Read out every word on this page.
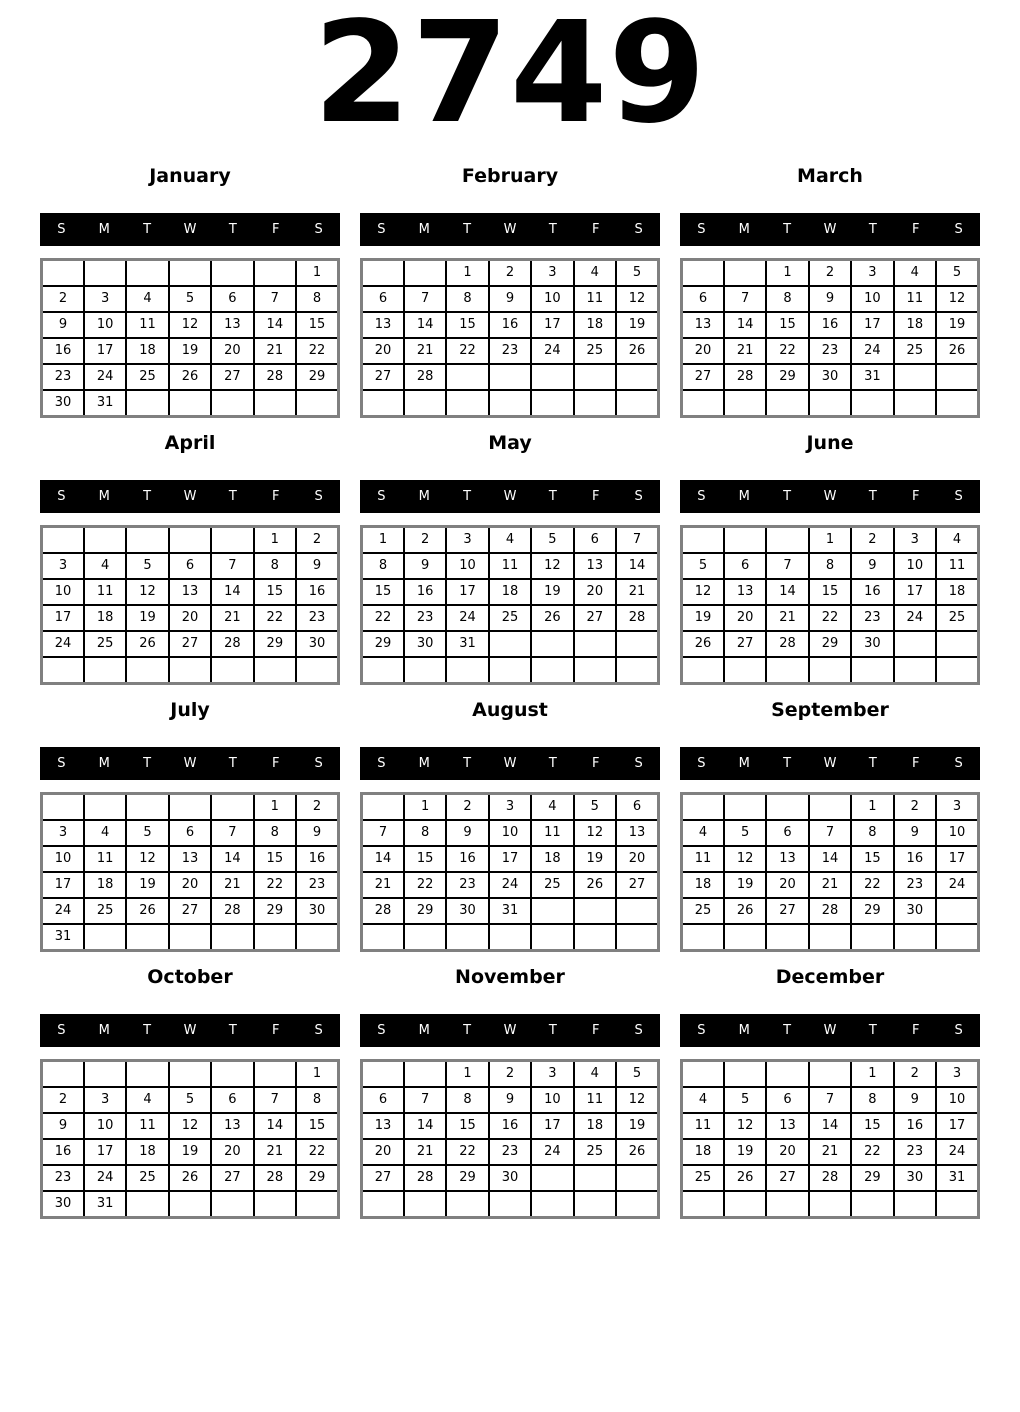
2749
January
S	M	T	W	T	F	S
						1
2	3	4	5	6	7	8
9	10	11	12	13	14	15
16	17	18	19	20	21	22
23	24	25	26	27	28	29
30	31					
February
S	M	T	W	T	F	S
		1	2	3	4	5
6	7	8	9	10	11	12
13	14	15	16	17	18	19
20	21	22	23	24	25	26
27	28					

March
S	M	T	W	T	F	S
		1	2	3	4	5
6	7	8	9	10	11	12
13	14	15	16	17	18	19
20	21	22	23	24	25	26
27	28	29	30	31		

April
S	M	T	W	T	F	S
					1	2
3	4	5	6	7	8	9
10	11	12	13	14	15	16
17	18	19	20	21	22	23
24	25	26	27	28	29	30

May
S	M	T	W	T	F	S
1	2	3	4	5	6	7
8	9	10	11	12	13	14
15	16	17	18	19	20	21
22	23	24	25	26	27	28
29	30	31				

June
S	M	T	W	T	F	S
			1	2	3	4
5	6	7	8	9	10	11
12	13	14	15	16	17	18
19	20	21	22	23	24	25
26	27	28	29	30		

July
S	M	T	W	T	F	S
					1	2
3	4	5	6	7	8	9
10	11	12	13	14	15	16
17	18	19	20	21	22	23
24	25	26	27	28	29	30
31						
August
S	M	T	W	T	F	S
	1	2	3	4	5	6
7	8	9	10	11	12	13
14	15	16	17	18	19	20
21	22	23	24	25	26	27
28	29	30	31			

September
S	M	T	W	T	F	S
				1	2	3
4	5	6	7	8	9	10
11	12	13	14	15	16	17
18	19	20	21	22	23	24
25	26	27	28	29	30	

October
S	M	T	W	T	F	S
						1
2	3	4	5	6	7	8
9	10	11	12	13	14	15
16	17	18	19	20	21	22
23	24	25	26	27	28	29
30	31					
November
S	M	T	W	T	F	S
		1	2	3	4	5
6	7	8	9	10	11	12
13	14	15	16	17	18	19
20	21	22	23	24	25	26
27	28	29	30			

December
S	M	T	W	T	F	S
				1	2	3
4	5	6	7	8	9	10
11	12	13	14	15	16	17
18	19	20	21	22	23	24
25	26	27	28	29	30	31
